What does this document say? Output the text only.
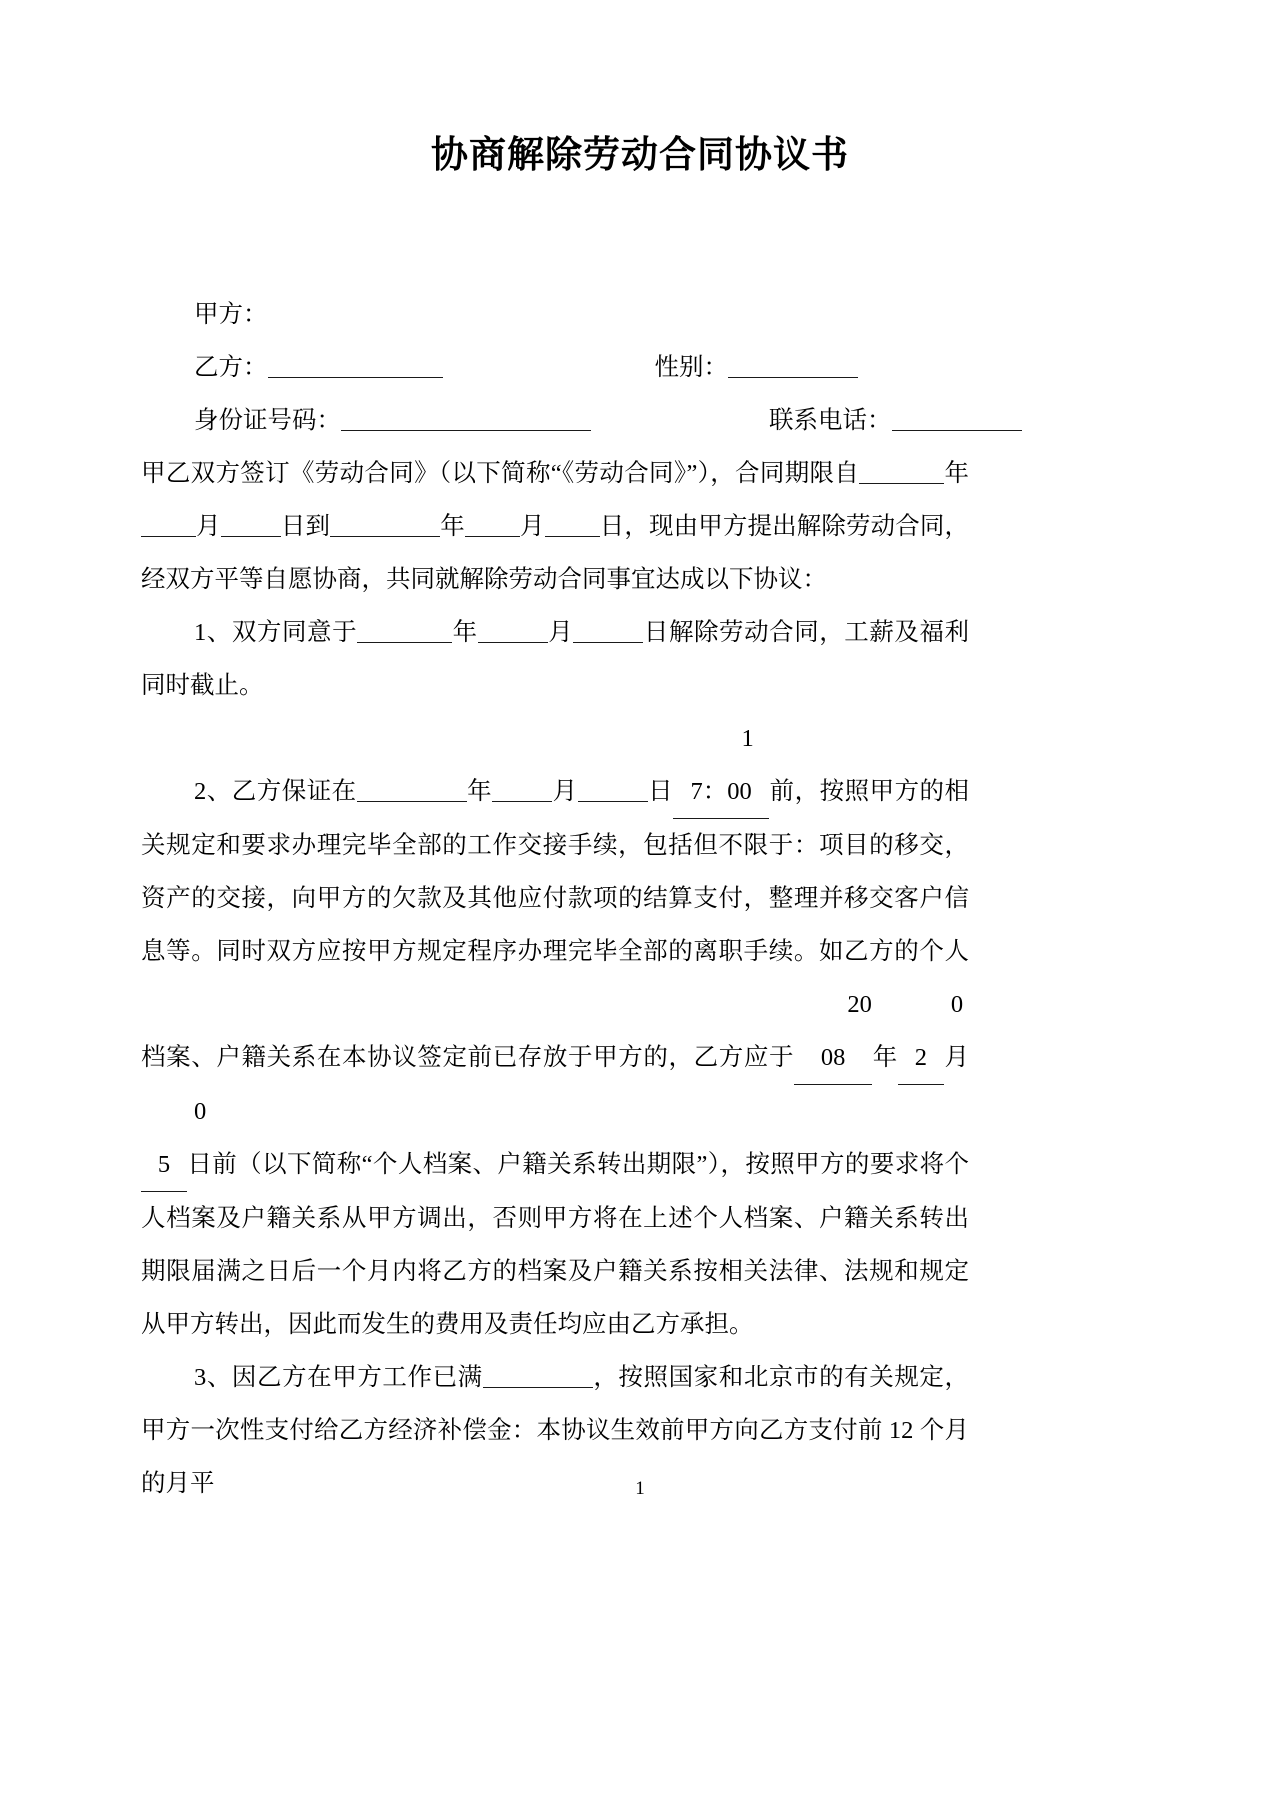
协商解除劳动合同协议书
甲方：
乙方：	性别：
身份证号码：	联系电话：

甲乙双方签订《劳动合同》（以下简称“《劳动合同》”），合同期限自	年月 日到	年 月 日，现由甲方提出解除劳动合同，经双方平等自愿协商，共同就解除劳动合同事宜达成以下协议：

1、双方同意于	年	月	日解除劳动合同，工薪及福利同时截止。

2、乙方保证在	年 月	日17：00 前，按照甲方的相关规定和要求办理完毕全部的工作交接手续，包括但不限于：项目的移交，资产的交接，向甲方的欠款及其他应付款项的结算支付，整理并移交客户信息等。同时双方应按甲方规定程序办理完毕全部的离职手续。如乙方的个人档案、户籍关系在本协议签定前已存放于甲方的，乙方应于2008 年02 月05 日前（以下简称“个人档案、户籍关系转出期限”），按照甲方的要求将个人档案及户籍关系从甲方调出，否则甲方将在上述个人档案、户籍关系转出期限届满之日后一个月内将乙方的档案及户籍关系按相关法律、法规和规定从甲方转出，因此而发生的费用及责任均应由乙方承担。

3、因乙方在甲方工作已满	，按照国家和北京市的有关规定，甲方一次性支付给乙方经济补偿金：本协议生效前甲方向乙方支付前 12 个月的月平	1
